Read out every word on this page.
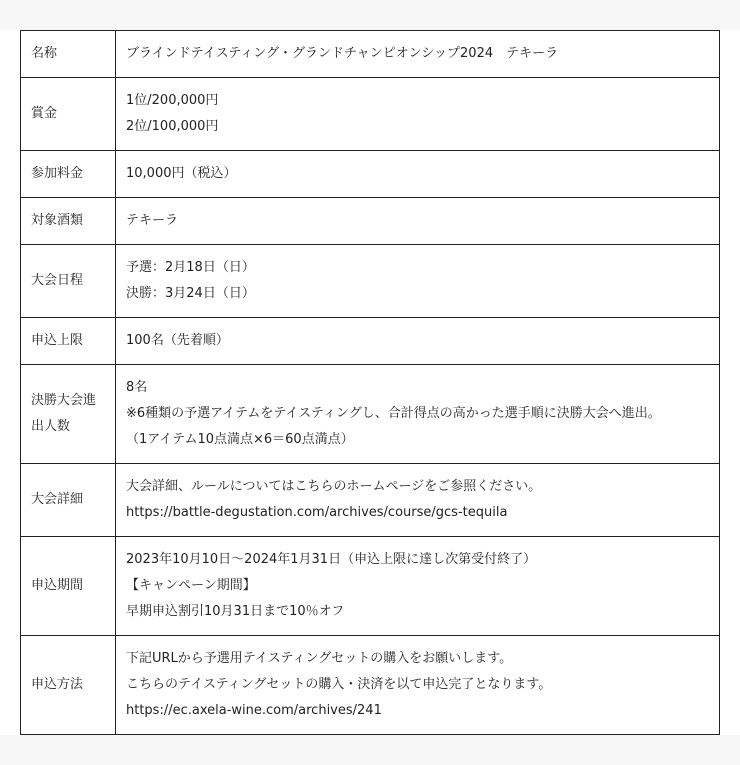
名称	ブラインドテイスティング・グランドチャンピオンシップ2024　テキーラ

賞金	1位/200,000円
2位/100,000円

参加料金	10,000円（税込）

対象酒類	テキーラ

大会日程	予選：2月18日（日）
決勝：3月24日（日）

申込上限	100名（先着順）

決勝大会進出人数	8名
※6種類の予選アイテムをテイスティングし、合計得点の高かった選手順に決勝大会へ進出。
（1アイテム10点満点×6＝60点満点）

大会詳細	大会詳細、ルールについてはこちらのホームページをご参照ください。
https://battle-degustation.com/archives/course/gcs-tequila

申込期間	2023年10月10日〜2024年1月31日（申込上限に達し次第受付終了）
【キャンペーン期間】
早期申込割引10月31日まで10％オフ

申込方法	下記URLから予選用テイスティングセットの購入をお願いします。
こちらのテイスティングセットの購入・決済を以て申込完了となります。
https://ec.axela-wine.com/archives/241
